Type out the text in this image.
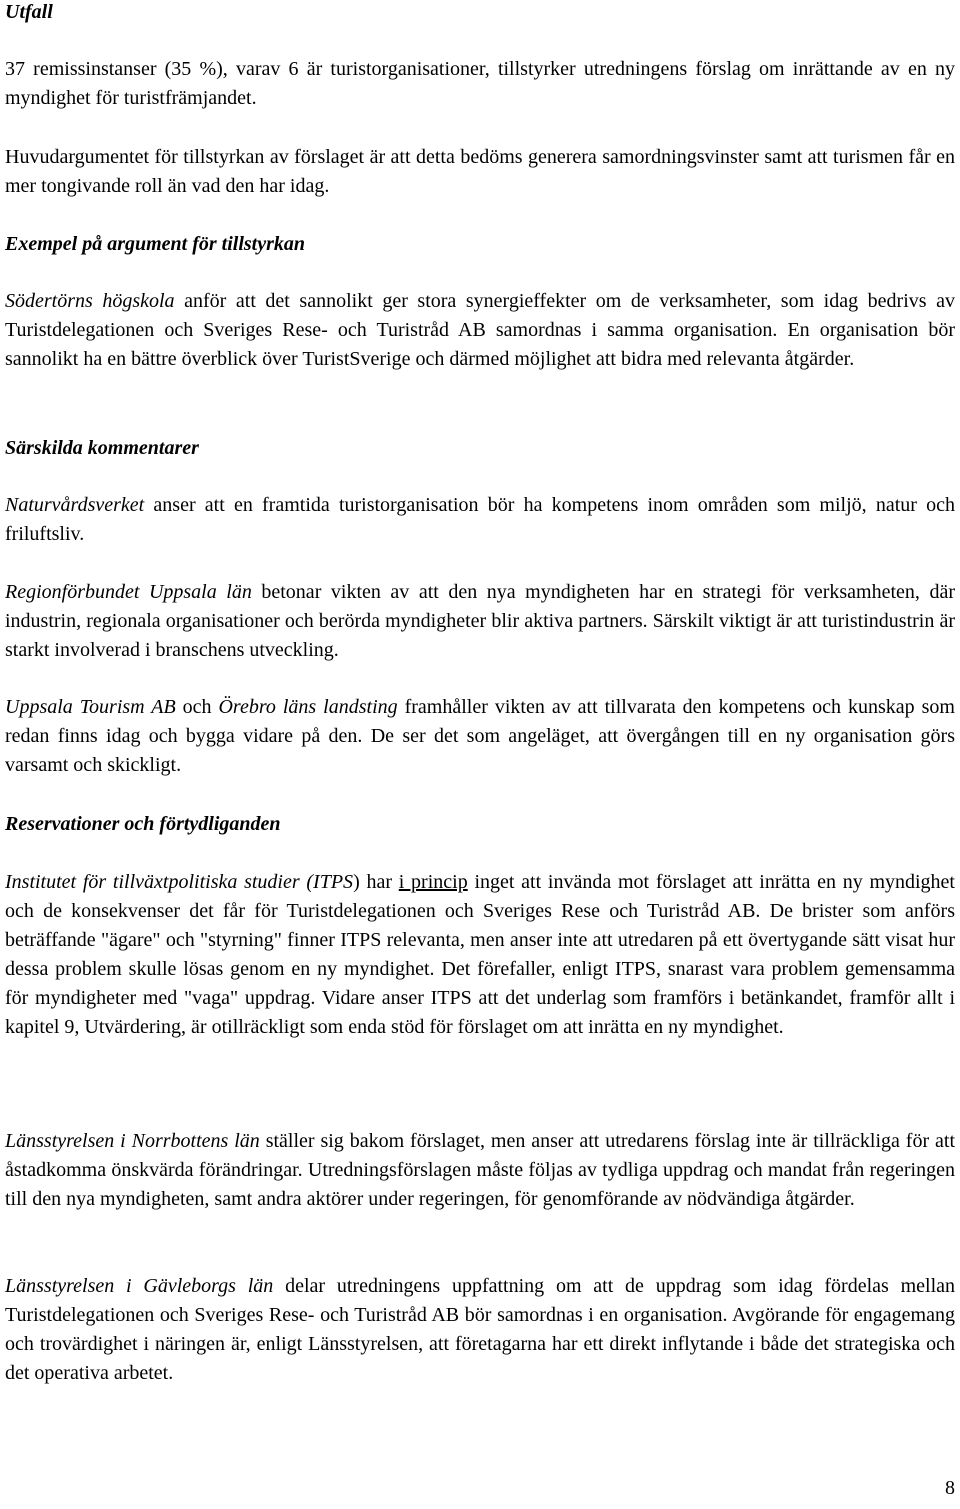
Utfall

37 remissinstanser (35 %), varav 6 är turistorganisationer, tillstyrker utredningens förslag om inrättande av en ny myndighet för turistfrämjandet.

Huvudargumentet för tillstyrkan av förslaget är att detta bedöms generera samordningsvinster samt att turismen får en mer tongivande roll än vad den har idag.

Exempel på argument för tillstyrkan

Södertörns högskola anför att det sannolikt ger stora synergieffekter om de verksamheter, som idag bedrivs av Turistdelegationen och Sveriges Rese- och Turistråd AB samordnas i samma organisation. En organisation bör sannolikt ha en bättre överblick över TuristSverige och därmed möjlighet att bidra med relevanta åtgärder.

Särskilda kommentarer

Naturvårdsverket anser att en framtida turistorganisation bör ha kompetens inom områden som miljö, natur och friluftsliv.

Regionförbundet Uppsala län betonar vikten av att den nya myndigheten har en strategi för verksamheten, där industrin, regionala organisationer och berörda myndigheter blir aktiva partners. Särskilt viktigt är att turistindustrin är starkt involverad i branschens utveckling.

Uppsala Tourism AB och Örebro läns landsting framhåller vikten av att tillvarata den kompetens och kunskap som redan finns idag och bygga vidare på den. De ser det som angeläget, att övergången till en ny organisation görs varsamt och skickligt.

Reservationer och förtydliganden

Institutet för tillväxtpolitiska studier (ITPS) har i princip inget att invända mot förslaget att inrätta en ny myndighet och de konsekvenser det får för Turistdelegationen och Sveriges Rese och Turistråd AB. De brister som anförs beträffande "ägare" och "styrning" finner ITPS relevanta, men anser inte att utredaren på ett övertygande sätt visat hur dessa problem skulle lösas genom en ny myndighet. Det förefaller, enligt ITPS, snarast vara problem gemensamma för myndigheter med "vaga" uppdrag. Vidare anser ITPS att det underlag som framförs i betänkandet, framför allt i kapitel 9, Utvärdering, är otillräckligt som enda stöd för förslaget om att inrätta en ny myndighet.

Länsstyrelsen i Norrbottens län ställer sig bakom förslaget, men anser att utredarens förslag inte är tillräckliga för att åstadkomma önskvärda förändringar. Utredningsförslagen måste följas av tydliga uppdrag och mandat från regeringen till den nya myndigheten, samt andra aktörer under regeringen, för genomförande av nödvändiga åtgärder.

Länsstyrelsen i Gävleborgs län delar utredningens uppfattning om att de uppdrag som idag fördelas mellan Turistdelegationen och Sveriges Rese- och Turistråd AB bör samordnas i en organisation. Avgörande för engagemang och trovärdighet i näringen är, enligt Länsstyrelsen, att företagarna har ett direkt inflytande i både det strategiska och det operativa arbetet.

8
